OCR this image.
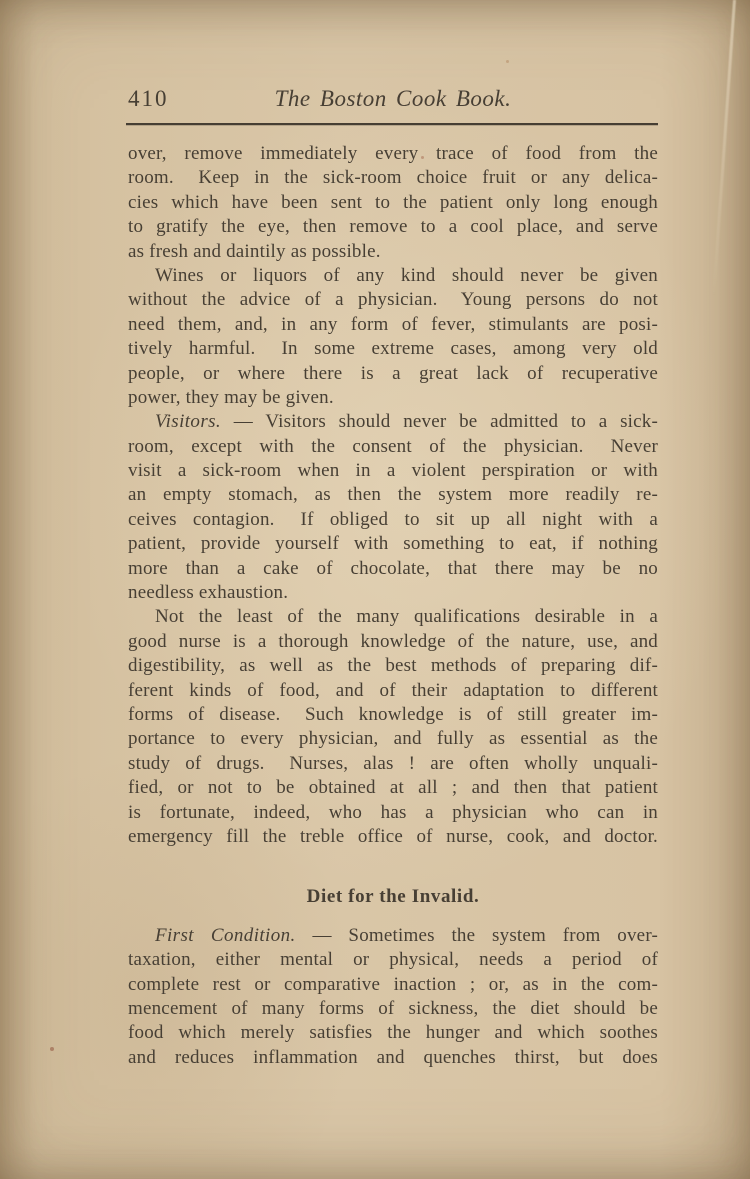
410	The Boston Cook Book.
over, remove immediately every trace of food from the
room.  Keep in the sick-room choice fruit or any delica-
cies which have been sent to the patient only long enough
to gratify the eye, then remove to a cool place, and serve
as fresh and daintily as possible.
Wines or liquors of any kind should never be given
without the advice of a physician.  Young persons do not
need them, and, in any form of fever, stimulants are posi-
tively harmful.  In some extreme cases, among very old
people, or where there is a great lack of recuperative
power, they may be given.
Visitors. — Visitors should never be admitted to a sick-
room, except with the consent of the physician.  Never
visit a sick-room when in a violent perspiration or with
an empty stomach, as then the system more readily re-
ceives contagion.  If obliged to sit up all night with a
patient, provide yourself with something to eat, if nothing
more than a cake of chocolate, that there may be no
needless exhaustion.
Not the least of the many qualifications desirable in a
good nurse is a thorough knowledge of the nature, use, and
digestibility, as well as the best methods of preparing dif-
ferent kinds of food, and of their adaptation to different
forms of disease.  Such knowledge is of still greater im-
portance to every physician, and fully as essential as the
study of drugs.  Nurses, alas ! are often wholly unquali-
fied, or not to be obtained at all ; and then that patient
is fortunate, indeed, who has a physician who can in
emergency fill the treble office of nurse, cook, and doctor.
Diet for the Invalid.
First Condition. — Sometimes the system from over-
taxation, either mental or physical, needs a period of
complete rest or comparative inaction ; or, as in the com-
mencement of many forms of sickness, the diet should be
food which merely satisfies the hunger and which soothes
and reduces inflammation and quenches thirst, but does
